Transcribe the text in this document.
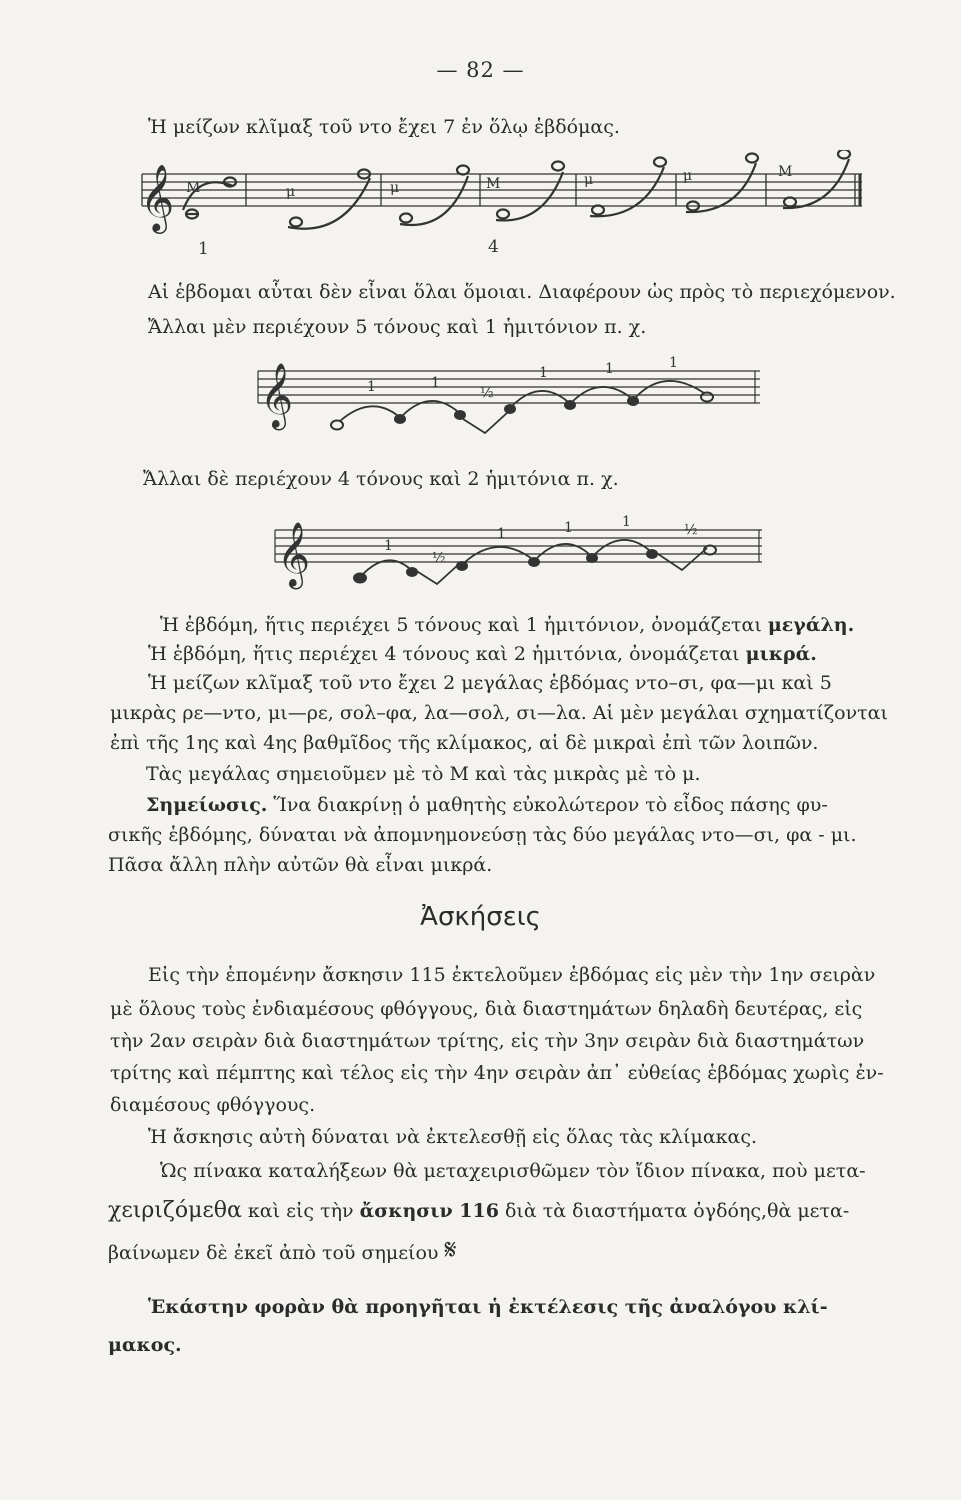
— 82 —
Ἡ μείζων κλῖμαξ τοῦ ντο ἔχει 7 ἐν ὅλῳ ἑβδόμας.
𝄞 M	μ	μ	M	μ	μ	M
1	4
Αἱ ἑβδομαι αὗται δὲν εἶναι ὅλαι ὅμοιαι. Διαφέρουν ὡς πρὸς τὸ περιεχόμενον.
Ἄλλαι μὲν περιέχουν 5 τόνους καὶ 1 ἡμιτόνιον π. χ.
𝄞	1	1
½
1	1	1
Ἄλλαι δὲ περιέχουν 4 τόνους καὶ 2 ἡμιτόνια π. χ.
𝄞	1
½
1	1	1	½
Ἡ ἑβδόμη, ἥτις περιέχει 5 τόνους καὶ 1 ἡμιτόνιον, ὀνομάζεται μεγάλη.
Ἡ ἑβδόμη, ἥτις περιέχει 4 τόνους καὶ 2 ἡμιτόνια, ὀνομάζεται μικρά.
Ἡ μείζων κλῖμαξ τοῦ ντο ἔχει 2 μεγάλας ἑβδόμας ντο–σι, φα—μι καὶ 5
μικρὰς ρε—ντο, μι—ρε, σολ–φα, λα—σολ, σι—λα. Αἱ μὲν μεγάλαι σχηματίζονται
ἐπὶ τῆς 1ης καὶ 4ης βαθμῖδος τῆς κλίμακος, αἱ δὲ μικραὶ ἐπὶ τῶν λοιπῶν.
Τὰς μεγάλας σημειοῦμεν μὲ τὸ Μ καὶ τὰς μικρὰς μὲ τὸ μ.
Σημείωσις. Ἵνα διακρίνῃ ὁ μαθητὴς εὐκολώτερον τὸ εἶδος πάσης φυ-
σικῆς ἑβδόμης, δύναται νὰ ἀπομνημονεύσῃ τὰς δύο μεγάλας ντο—σι, φα - μι.
Πᾶσα ἄλλη πλὴν αὐτῶν θὰ εἶναι μικρά.
Ἀσκήσεις
Εἰς τὴν ἑπομένην ἄσκησιν 115 ἐκτελοῦμεν ἑβδόμας εἰς μὲν τὴν 1ην σειρὰν
μὲ ὅλους τοὺς ἐνδιαμέσους φθόγγους, διὰ διαστημάτων δηλαδὴ δευτέρας, εἰς
τὴν 2αν σειρὰν διὰ διαστημάτων τρίτης, εἰς τὴν 3ην σειρὰν διὰ διαστημάτων
τρίτης καὶ πέμπτης καὶ τέλος εἰς τὴν 4ην σειρὰν ἀπ᾽ εὐθείας ἑβδόμας χωρὶς ἐν-
διαμέσους φθόγγους.
Ἡ ἄσκησις αὐτὴ δύναται νὰ ἐκτελεσθῇ εἰς ὅλας τὰς κλίμακας.
Ὡς πίνακα καταλήξεων θὰ μεταχειρισθῶμεν τὸν ἴδιον πίνακα, ποὺ μετα-
χειριζόμεθα καὶ εἰς τὴν ἄσκησιν 116 διὰ τὰ διαστήματα ὀγδόης,θὰ μετα-
βαίνωμεν δὲ ἐκεῖ ἀπὸ τοῦ σημείου 𝄋
Ἑκάστην φορὰν θὰ προηγῆται ἡ ἐκτέλεσις τῆς ἀναλόγου κλί-
μακος.
